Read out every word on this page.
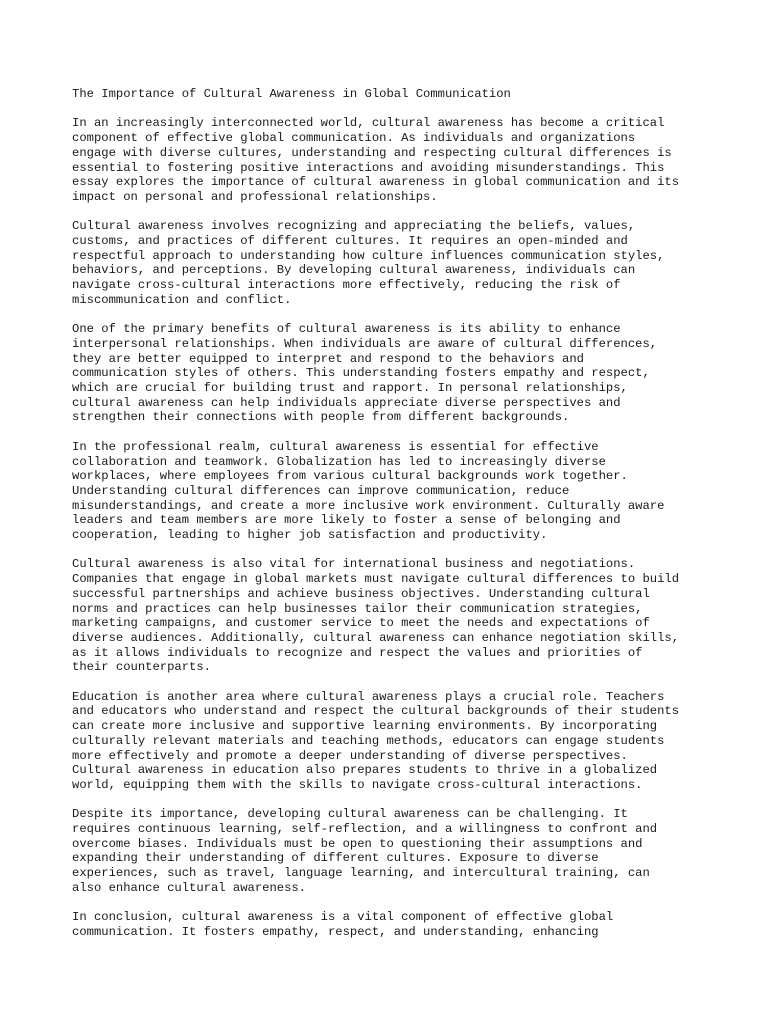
The Importance of Cultural Awareness in Global Communication
In an increasingly interconnected world, cultural awareness has become a critical
component of effective global communication. As individuals and organizations
engage with diverse cultures, understanding and respecting cultural differences is
essential to fostering positive interactions and avoiding misunderstandings. This
essay explores the importance of cultural awareness in global communication and its
impact on personal and professional relationships.
Cultural awareness involves recognizing and appreciating the beliefs, values,
customs, and practices of different cultures. It requires an open-minded and
respectful approach to understanding how culture influences communication styles,
behaviors, and perceptions. By developing cultural awareness, individuals can
navigate cross-cultural interactions more effectively, reducing the risk of
miscommunication and conflict.
One of the primary benefits of cultural awareness is its ability to enhance
interpersonal relationships. When individuals are aware of cultural differences,
they are better equipped to interpret and respond to the behaviors and
communication styles of others. This understanding fosters empathy and respect,
which are crucial for building trust and rapport. In personal relationships,
cultural awareness can help individuals appreciate diverse perspectives and
strengthen their connections with people from different backgrounds.
In the professional realm, cultural awareness is essential for effective
collaboration and teamwork. Globalization has led to increasingly diverse
workplaces, where employees from various cultural backgrounds work together.
Understanding cultural differences can improve communication, reduce
misunderstandings, and create a more inclusive work environment. Culturally aware
leaders and team members are more likely to foster a sense of belonging and
cooperation, leading to higher job satisfaction and productivity.
Cultural awareness is also vital for international business and negotiations.
Companies that engage in global markets must navigate cultural differences to build
successful partnerships and achieve business objectives. Understanding cultural
norms and practices can help businesses tailor their communication strategies,
marketing campaigns, and customer service to meet the needs and expectations of
diverse audiences. Additionally, cultural awareness can enhance negotiation skills,
as it allows individuals to recognize and respect the values and priorities of
their counterparts.
Education is another area where cultural awareness plays a crucial role. Teachers
and educators who understand and respect the cultural backgrounds of their students
can create more inclusive and supportive learning environments. By incorporating
culturally relevant materials and teaching methods, educators can engage students
more effectively and promote a deeper understanding of diverse perspectives.
Cultural awareness in education also prepares students to thrive in a globalized
world, equipping them with the skills to navigate cross-cultural interactions.
Despite its importance, developing cultural awareness can be challenging. It
requires continuous learning, self-reflection, and a willingness to confront and
overcome biases. Individuals must be open to questioning their assumptions and
expanding their understanding of different cultures. Exposure to diverse
experiences, such as travel, language learning, and intercultural training, can
also enhance cultural awareness.
In conclusion, cultural awareness is a vital component of effective global
communication. It fosters empathy, respect, and understanding, enhancing
